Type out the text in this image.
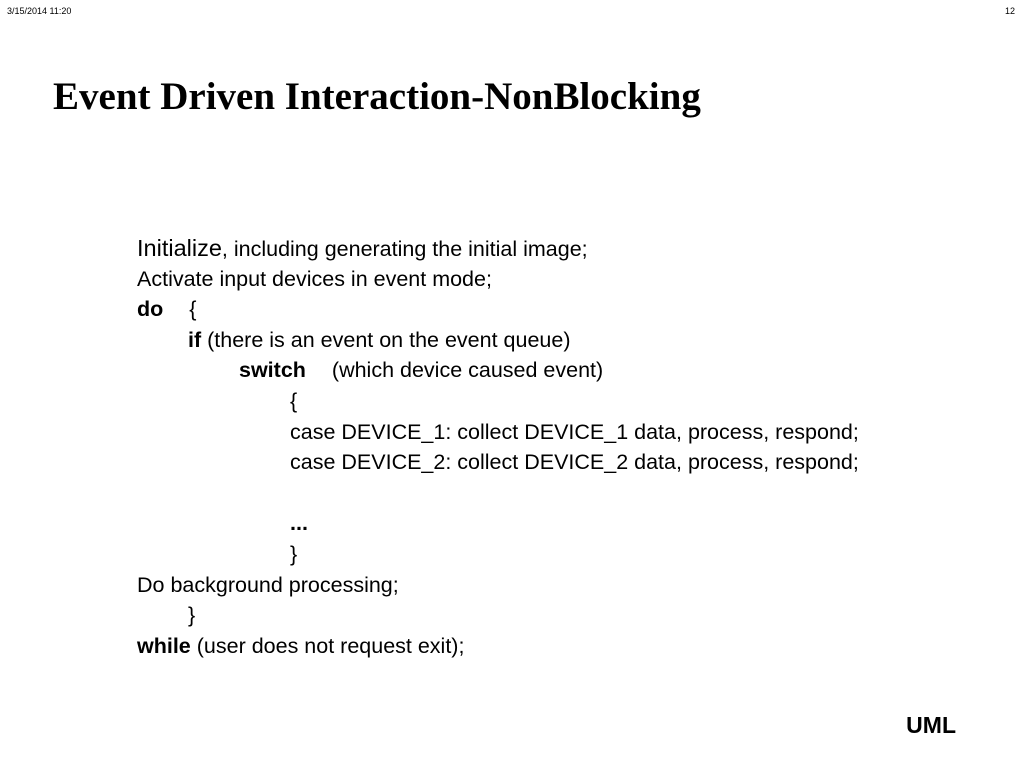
3/15/2014 11:20	12
Event Driven Interaction-NonBlocking
Initialize, including generating the initial image;
Activate input devices in event mode;
do {
if (there is an event on the event queue)
switch (which device caused event)
{
case DEVICE_1: collect DEVICE_1 data, process, respond;
case DEVICE_2: collect DEVICE_2 data, process, respond;
...
}
Do background processing;
}
while (user does not request exit);
UML
